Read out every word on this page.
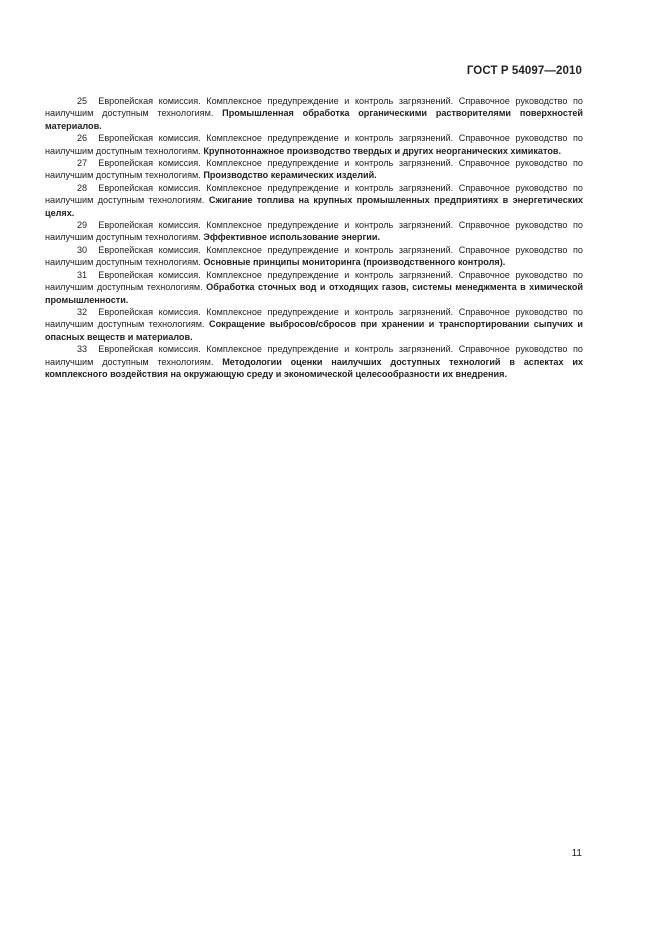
ГОСТ Р 54097—2010

25 Европейская комиссия. Комплексное предупреждение и контроль загрязнений. Справочное руководство по наилучшим доступным технологиям. Промышленная обработка органическими растворителями поверхностей материалов.

26 Европейская комиссия. Комплексное предупреждение и контроль загрязнений. Справочное руководство по наилучшим доступным технологиям. Крупнотоннажное производство твердых и других неорганических химикатов.

27 Европейская комиссия. Комплексное предупреждение и контроль загрязнений. Справочное руководство по наилучшим доступным технологиям. Производство керамических изделий.

28 Европейская комиссия. Комплексное предупреждение и контроль загрязнений. Справочное руководство по наилучшим доступным технологиям. Сжигание топлива на крупных промышленных предприятиях в энергетических целях.

29 Европейская комиссия. Комплексное предупреждение и контроль загрязнений. Справочное руководство по наилучшим доступным технологиям. Эффективное использование энергии.

30 Европейская комиссия. Комплексное предупреждение и контроль загрязнений. Справочное руководство по наилучшим доступным технологиям. Основные принципы мониторинга (производственного контроля).

31 Европейская комиссия. Комплексное предупреждение и контроль загрязнений. Справочное руководство по наилучшим доступным технологиям. Обработка сточных вод и отходящих газов, системы менеджмента в химической промышленности.

32 Европейская комиссия. Комплексное предупреждение и контроль загрязнений. Справочное руководство по наилучшим доступным технологиям. Сокращение выбросов/сбросов при хранении и транспортировании сыпучих и опасных веществ и материалов.

33 Европейская комиссия. Комплексное предупреждение и контроль загрязнений. Справочное руководство по наилучшим доступным технологиям. Методологии оценки наилучших доступных технологий в аспектах их комплексного воздействия на окружающую среду и экономической целесообразности их внедрения.

11
